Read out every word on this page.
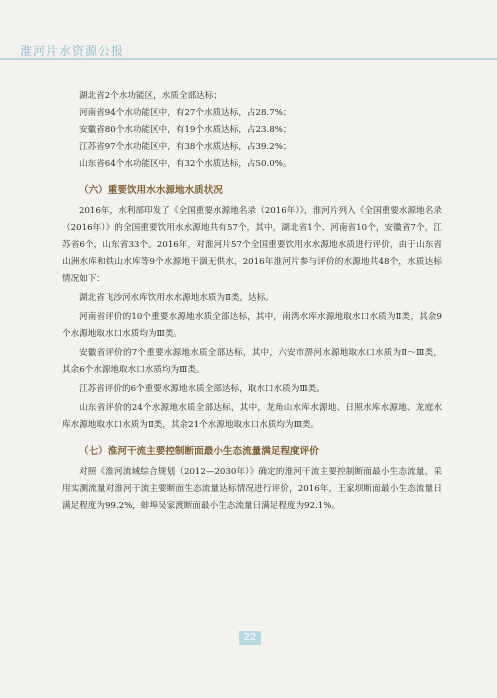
淮河片水资源公报
湖北省2个水功能区，水质全部达标；
河南省94个水功能区中，有27个水质达标，占28.7%；
安徽省80个水功能区中，有19个水质达标，占23.8%；
江苏省97个水功能区中，有38个水质达标，占39.2%；
山东省64个水功能区中，有32个水质达标，占50.0%。
（六）重要饮用水水源地水质状况
2016年，水利部印发了《全国重要水源地名录（2016年）》，淮河片列入《全国重要水源地名录（2016年）》的全国重要饮用水水源地共有57个，其中，湖北省1个、河南省10个，安徽省7个，江苏省6个，山东省33个。2016年，对淮河片57个全国重要饮用水水源地水质进行评价，由于山东省山洲水库和铁山水库等9个水源地干涸无供水，2016年淮河片参与评价的水源地共48个，水质达标情况如下：
湖北省飞沙河水库饮用水水源地水质为Ⅱ类，达标。
河南省评价的10个重要水源地水质全部达标，其中，南湾水库水源地取水口水质为Ⅱ类，其余9个水源地取水口水质均为Ⅲ类。
安徽省评价的7个重要水源地水质全部达标，其中，六安市淠河水源地取水口水质为Ⅱ～Ⅲ类，其余6个水源地取水口水质均为Ⅲ类。
江苏省评价的6个重要水源地水质全部达标，取水口水质为Ⅲ类。
山东省评价的24个水源地水质全部达标，其中，龙角山水库水源地、日照水库水源地、龙庭水库水源地取水口水质为Ⅱ类，其余21个水源地取水口水质均为Ⅲ类。
（七）淮河干流主要控制断面最小生态流量满足程度评价
对照《淮河流域综合规划（2012—2030年）》确定的淮河干流主要控制断面最小生态流量，采用实测流量对淮河干流主要断面生态流量达标情况进行评价，2016年，王家坝断面最小生态流量日满足程度为99.2%，蚌埠吴家渡断面最小生态流量日满足程度为92.1%。
22
